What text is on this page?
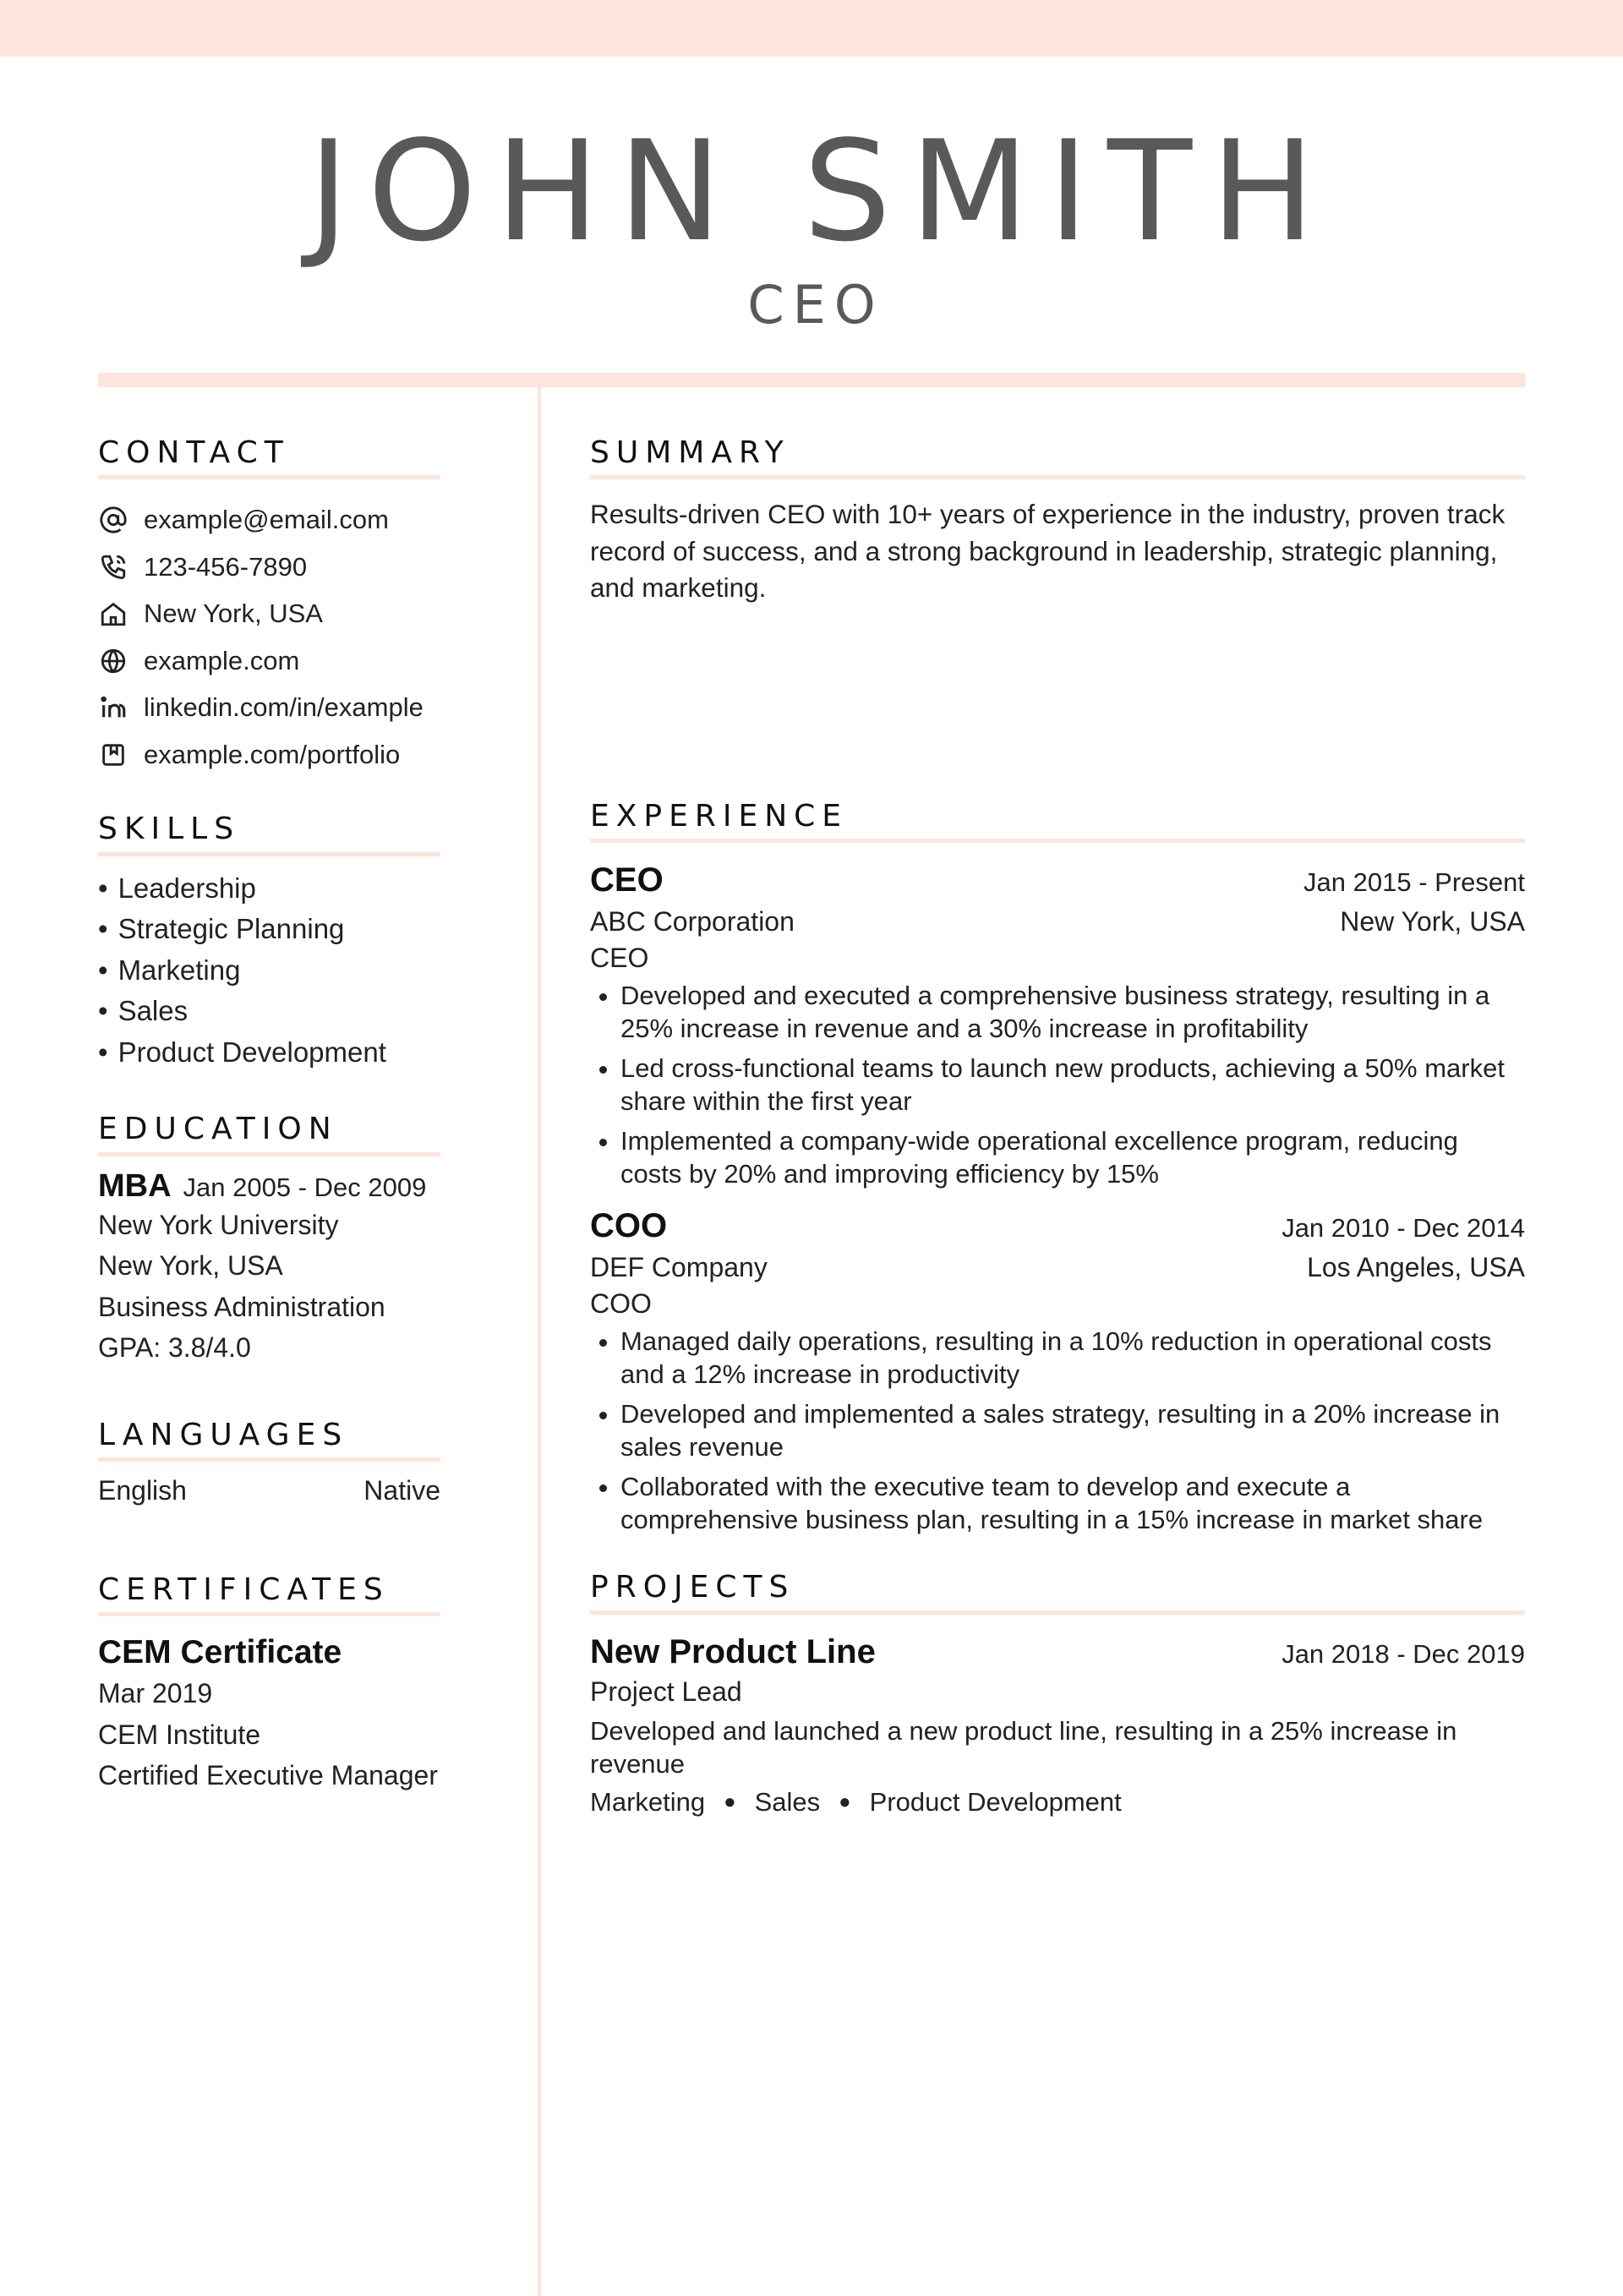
JOHN SMITH
CEO
CONTACT
example@email.com
123-456-7890
New York, USA
example.com
linkedin.com/in/example
example.com/portfolio
SKILLS
• Leadership
• Strategic Planning
• Marketing
• Sales
• Product Development
EDUCATION
MBA Jan 2005 - Dec 2009
New York University
New York, USA
Business Administration
GPA: 3.8/4.0
LANGUAGES
English	Native
CERTIFICATES
CEM Certificate
Mar 2019
CEM Institute
Certified Executive Manager
SUMMARY

Results-driven CEO with 10+ years of experience in the industry, proven track record of success, and a strong background in leadership, strategic planning, and marketing.

EXPERIENCE
CEO	Jan 2015 - Present
ABC Corporation	New York, USA
CEO
• Developed and executed a comprehensive business strategy, resulting in a 25% increase in revenue and a 30% increase in profitability
• Led cross-functional teams to launch new products, achieving a 50% market share within the first year
• Implemented a company-wide operational excellence program, reducing costs by 20% and improving efficiency by 15%
COO	Jan 2010 - Dec 2014
DEF Company	Los Angeles, USA
COO
• Managed daily operations, resulting in a 10% reduction in operational costs and a 12% increase in productivity
• Developed and implemented a sales strategy, resulting in a 20% increase in sales revenue
• Collaborated with the executive team to develop and execute a comprehensive business plan, resulting in a 15% increase in market share
PROJECTS
New Product Line	Jan 2018 - Dec 2019
Project Lead
Developed and launched a new product line, resulting in a 25% increase in revenue
Marketing ● Sales ● Product Development
